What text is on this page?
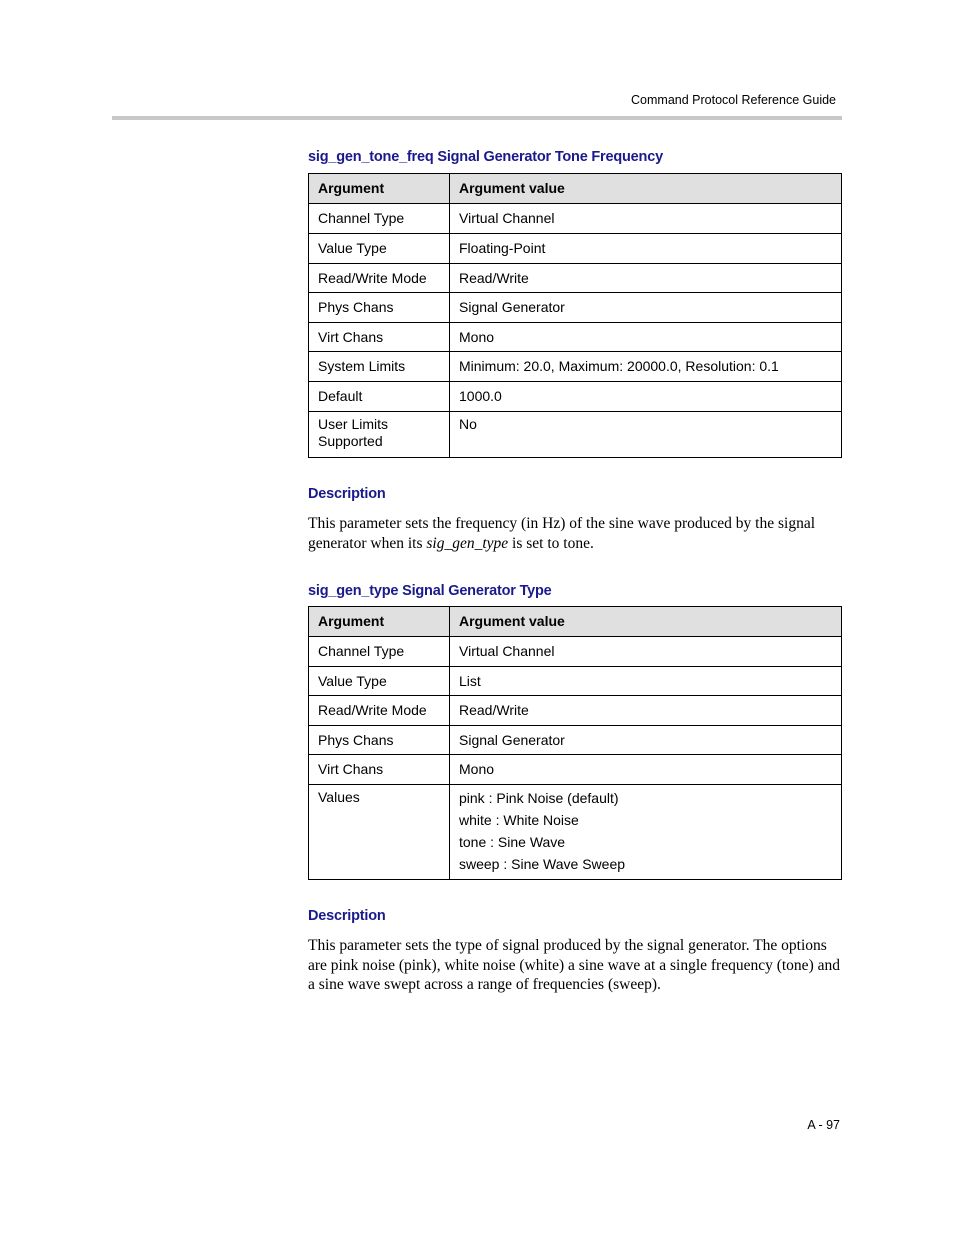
Command Protocol Reference Guide
sig_gen_tone_freq Signal Generator Tone Frequency
Argument	Argument value
Channel Type	Virtual Channel
Value Type	Floating-Point
Read/Write Mode	Read/Write
Phys Chans	Signal Generator
Virt Chans	Mono
System Limits	Minimum: 20.0, Maximum: 20000.0, Resolution: 0.1
Default	1000.0
User Limits Supported	No
Description
This parameter sets the frequency (in Hz) of the sine wave produced by the signal generator when its sig_gen_type is set to tone.
sig_gen_type Signal Generator Type
Argument	Argument value
Channel Type	Virtual Channel
Value Type	List
Read/Write Mode	Read/Write
Phys Chans	Signal Generator
Virt Chans	Mono
Values	pink : Pink Noise (default)
white : White Noise
tone : Sine Wave
sweep : Sine Wave Sweep
Description
This parameter sets the type of signal produced by the signal generator. The options are pink noise (pink), white noise (white) a sine wave at a single frequency (tone) and a sine wave swept across a range of frequencies (sweep).
A - 97
